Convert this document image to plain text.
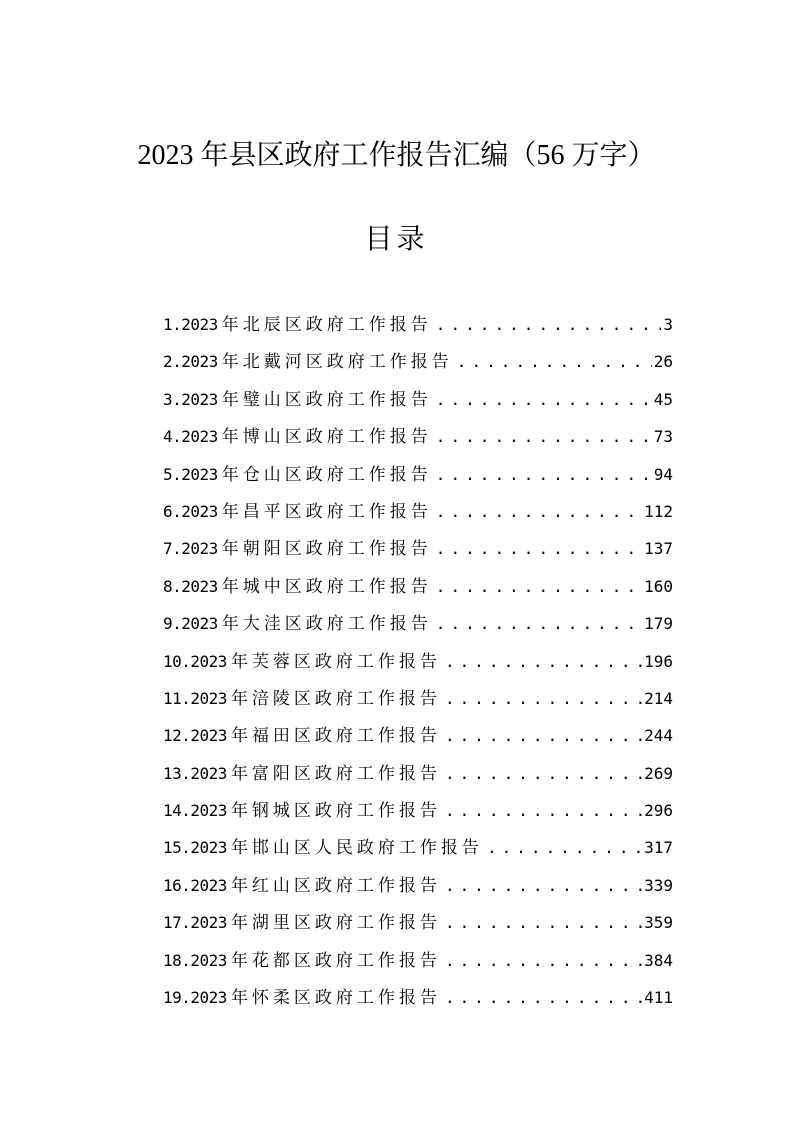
2023 年县区政府工作报告汇编（56 万字）
目录
1.2023 年北辰区政府工作报告 . . .	3
2.2023 年北戴河区政府工作报告 . . .	26
3.2023 年璧山区政府工作报告 . . .	45
4.2023 年博山区政府工作报告 . . .	73
5.2023 年仓山区政府工作报告 . . .	94
6.2023 年昌平区政府工作报告 . . .	112
7.2023 年朝阳区政府工作报告 . . .	137
8.2023 年城中区政府工作报告 . . .	160
9.2023 年大洼区政府工作报告 . . .	179
10.2023 年芙蓉区政府工作报告 . . .	196
11.2023 年涪陵区政府工作报告 . . .	214
12.2023 年福田区政府工作报告 . . .	244
13.2023 年富阳区政府工作报告 . . .	269
14.2023 年钢城区政府工作报告 . . .	296
15.2023 年邯山区人民政府工作报告 . . .	317
16.2023 年红山区政府工作报告 . . .	339
17.2023 年湖里区政府工作报告 . . .	359
18.2023 年花都区政府工作报告 . . .	384
19.2023 年怀柔区政府工作报告 . . .	411
